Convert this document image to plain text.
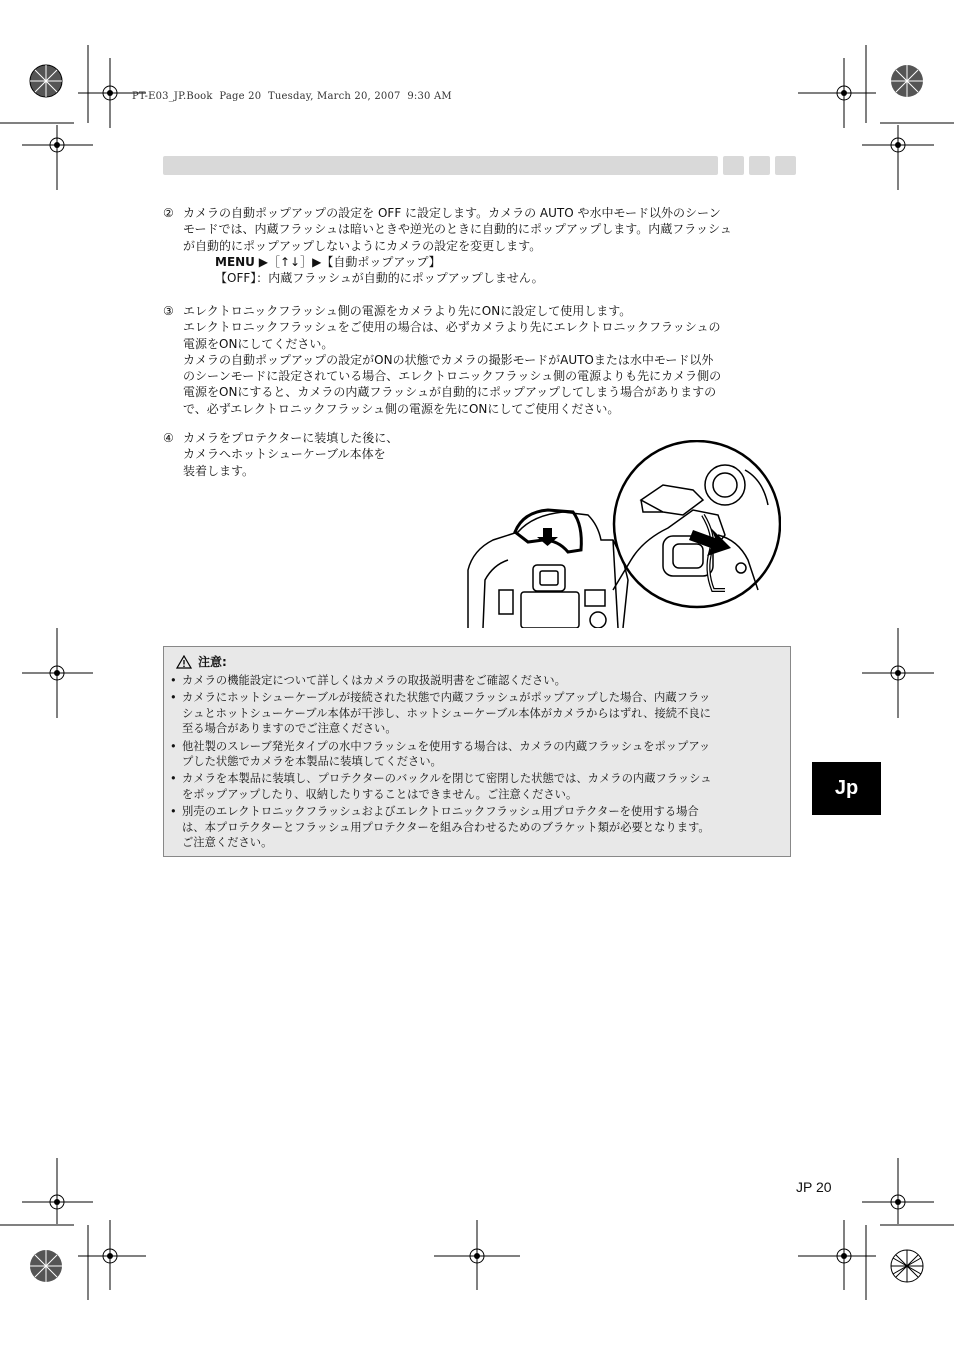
PT-E03_JP.Book  Page 20  Tuesday, March 20, 2007  9:30 AM
② カメラの自動ポップアップの設定を OFF に設定します。カメラの AUTO や水中モード以外のシーン
モードでは、内蔵フラッシュは暗いときや逆光のときに自動的にポップアップします。内蔵フラッシュ
が自動的にポップアップしないようにカメラの設定を変更します。
MENU ▶［↑↓］▶【自動ポップアップ】
【OFF】：内蔵フラッシュが自動的にポップアップしません。
③ エレクトロニックフラッシュ側の電源をカメラより先にONに設定して使用します。
エレクトロニックフラッシュをご使用の場合は、必ずカメラより先にエレクトロニックフラッシュの
電源をONにしてください。
カメラの自動ポップアップの設定がONの状態でカメラの撮影モードがAUTOまたは水中モード以外
のシーンモードに設定されている場合、エレクトロニックフラッシュ側の電源よりも先にカメラ側の
電源をONにすると、カメラの内蔵フラッシュが自動的にポップアップしてしまう場合がありますの
で、必ずエレクトロニックフラッシュ側の電源を先にONにしてご使用ください。
④ カメラをプロテクターに装填した後に、
カメラへホットシューケーブル本体を
装着します。
注意:
• カメラの機能設定について詳しくはカメラの取扱説明書をご確認ください。
• カメラにホットシューケーブルが接続された状態で内蔵フラッシュがポップアップした場合、内蔵フラッ
シュとホットシューケーブル本体が干渉し、ホットシューケーブル本体がカメラからはずれ、接続不良に
至る場合がありますのでご注意ください。
• 他社製のスレーブ発光タイプの水中フラッシュを使用する場合は、カメラの内蔵フラッシュをポップアッ
プした状態でカメラを本製品に装填してください。
• カメラを本製品に装填し、プロテクターのバックルを閉じて密閉した状態では、カメラの内蔵フラッシュ
をポップアップしたり、収納したりすることはできません。ご注意ください。
• 別売のエレクトロニックフラッシュおよびエレクトロニックフラッシュ用プロテクターを使用する場合
は、本プロテクターとフラッシュ用プロテクターを組み合わせるためのブラケット類が必要となります。
ご注意ください。
Jp
JP 20
